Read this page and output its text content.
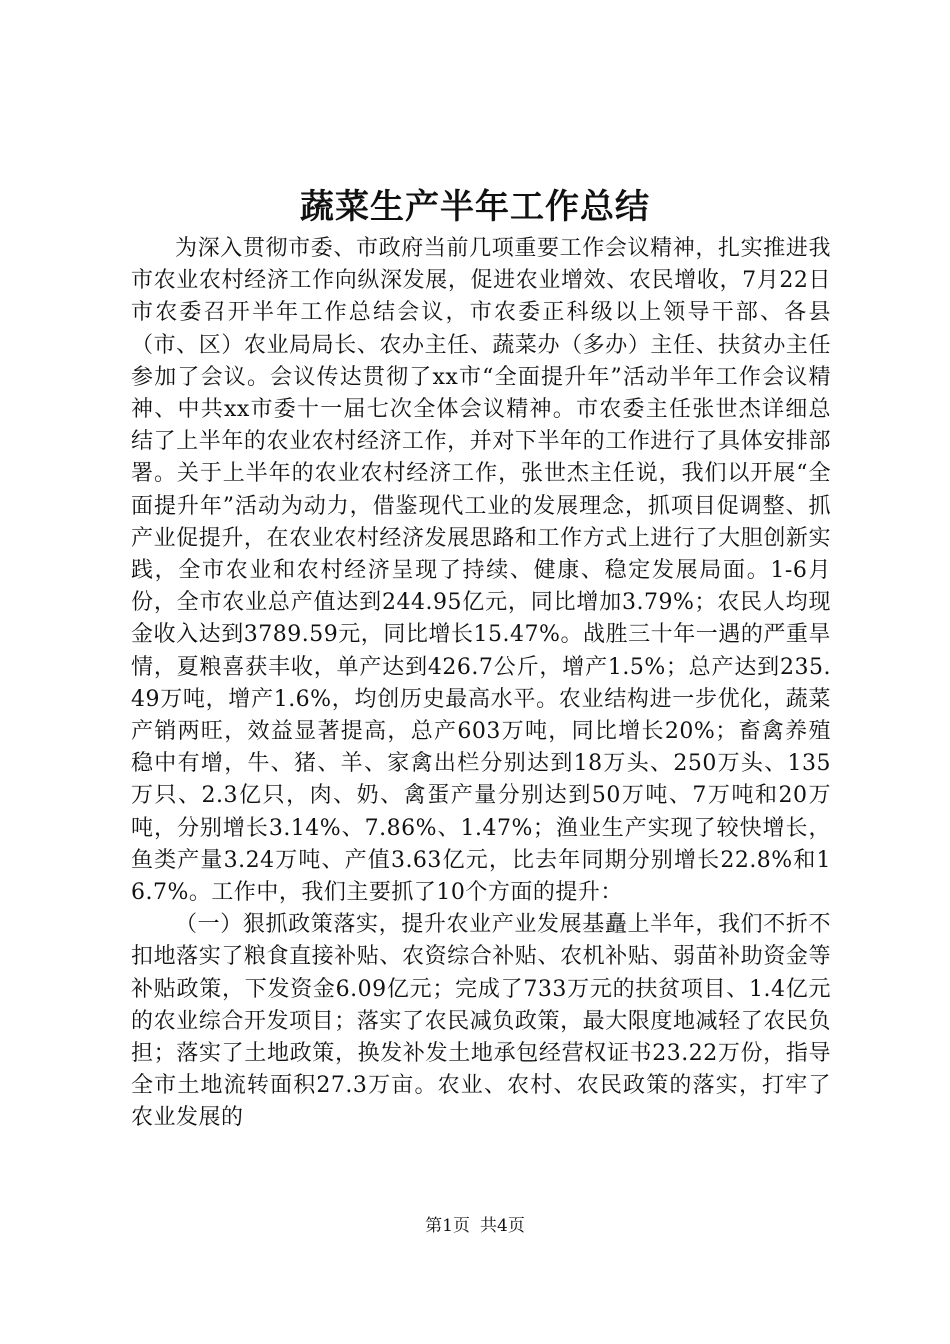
蔬菜生产半年工作总结

为深入贯彻市委、市政府当前几项重要工作会议精神，扎实推进我市农业农村经济工作向纵深发展，促进农业增效、农民增收，7月22日市农委召开半年工作总结会议，市农委正科级以上领导干部、各县（市、区）农业局局长、农办主任、蔬菜办（多办）主任、扶贫办主任参加了会议。会议传达贯彻了xx市“全面提升年”活动半年工作会议精神、中共xx市委十一届七次全体会议精神。市农委主任张世杰详细总结了上半年的农业农村经济工作，并对下半年的工作进行了具体安排部署。关于上半年的农业农村经济工作，张世杰主任说，我们以开展“全面提升年”活动为动力，借鉴现代工业的发展理念，抓项目促调整、抓产业促提升，在农业农村经济发展思路和工作方式上进行了大胆创新实践，全市农业和农村经济呈现了持续、健康、稳定发展局面。1-6月份，全市农业总产值达到244.95亿元，同比增加3.79%；农民人均现金收入达到3789.59元，同比增长15.47%。战胜三十年一遇的严重旱情，夏粮喜获丰收，单产达到426.7公斤，增产1.5%；总产达到235.49万吨，增产1.6%，均创历史最高水平。农业结构进一步优化，蔬菜产销两旺，效益显著提高，总产603万吨，同比增长20%；畜禽养殖稳中有增，牛、猪、羊、家禽出栏分别达到18万头、250万头、135万只、2.3亿只，肉、奶、禽蛋产量分别达到50万吨、7万吨和20万吨，分别增长3.14%、7.86%、1.47%；渔业生产实现了较快增长，鱼类产量3.24万吨、产值3.63亿元，比去年同期分别增长22.8%和16.7%。工作中，我们主要抓了10个方面的提升：

（一）狠抓政策落实，提升农业产业发展基矗上半年，我们不折不扣地落实了粮食直接补贴、农资综合补贴、农机补贴、弱苗补助资金等补贴政策，下发资金6.09亿元；完成了733万元的扶贫项目、1.4亿元的农业综合开发项目；落实了农民减负政策，最大限度地减轻了农民负担；落实了土地政策，换发补发土地承包经营权证书23.22万份，指导全市土地流转面积27.3万亩。农业、农村、农民政策的落实，打牢了农业发展的

第1页 共4页
